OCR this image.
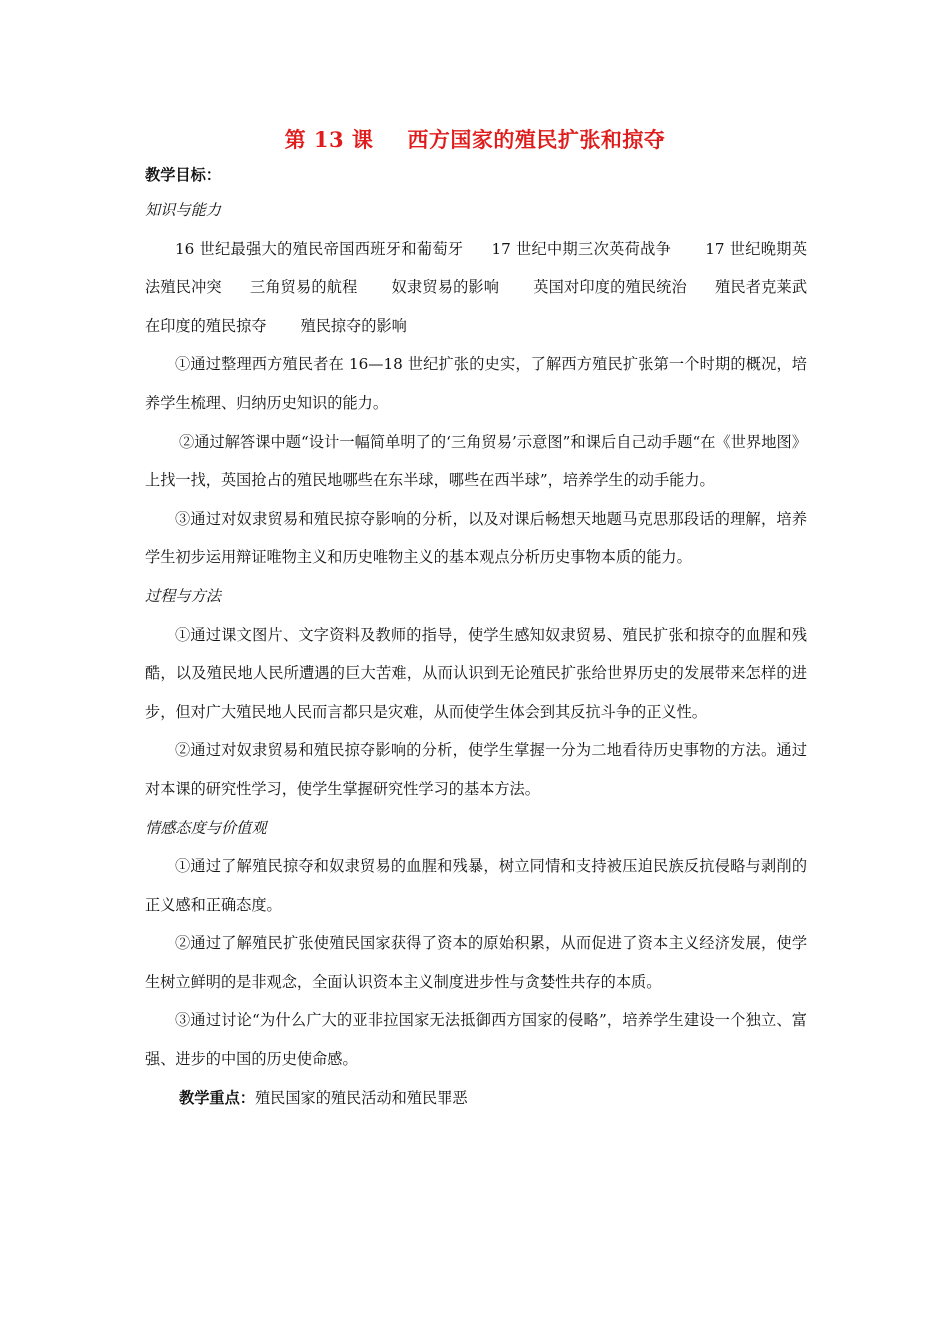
第 13 课 西方国家的殖民扩张和掠夺

教学目标：

知识与能力

16 世纪最强大的殖民帝国西班牙和葡萄牙 17 世纪中期三次英荷战争 17 世纪晚期英法殖民冲突 三角贸易的航程 奴隶贸易的影响 英国对印度的殖民统治 殖民者克莱武在印度的殖民掠夺 殖民掠夺的影响

①通过整理西方殖民者在 16—18 世纪扩张的史实，了解西方殖民扩张第一个时期的概况，培养学生梳理、归纳历史知识的能力。

②通过解答课中题“设计一幅简单明了的‘三角贸易’示意图”和课后自己动手题“在《世界地图》上找一找，英国抢占的殖民地哪些在东半球，哪些在西半球”，培养学生的动手能力。

③通过对奴隶贸易和殖民掠夺影响的分析，以及对课后畅想天地题马克思那段话的理解，培养学生初步运用辩证唯物主义和历史唯物主义的基本观点分析历史事物本质的能力。

过程与方法

①通过课文图片、文字资料及教师的指导，使学生感知奴隶贸易、殖民扩张和掠夺的血腥和残酷，以及殖民地人民所遭遇的巨大苦难，从而认识到无论殖民扩张给世界历史的发展带来怎样的进步，但对广大殖民地人民而言都只是灾难，从而使学生体会到其反抗斗争的正义性。

②通过对奴隶贸易和殖民掠夺影响的分析，使学生掌握一分为二地看待历史事物的方法。通过对本课的研究性学习，使学生掌握研究性学习的基本方法。

情感态度与价值观

①通过了解殖民掠夺和奴隶贸易的血腥和残暴，树立同情和支持被压迫民族反抗侵略与剥削的正义感和正确态度。

②通过了解殖民扩张使殖民国家获得了资本的原始积累，从而促进了资本主义经济发展，使学生树立鲜明的是非观念，全面认识资本主义制度进步性与贪婪性共存的本质。

③通过讨论“为什么广大的亚非拉国家无法抵御西方国家的侵略”，培养学生建设一个独立、富强、进步的中国的历史使命感。

教学重点：殖民国家的殖民活动和殖民罪恶
